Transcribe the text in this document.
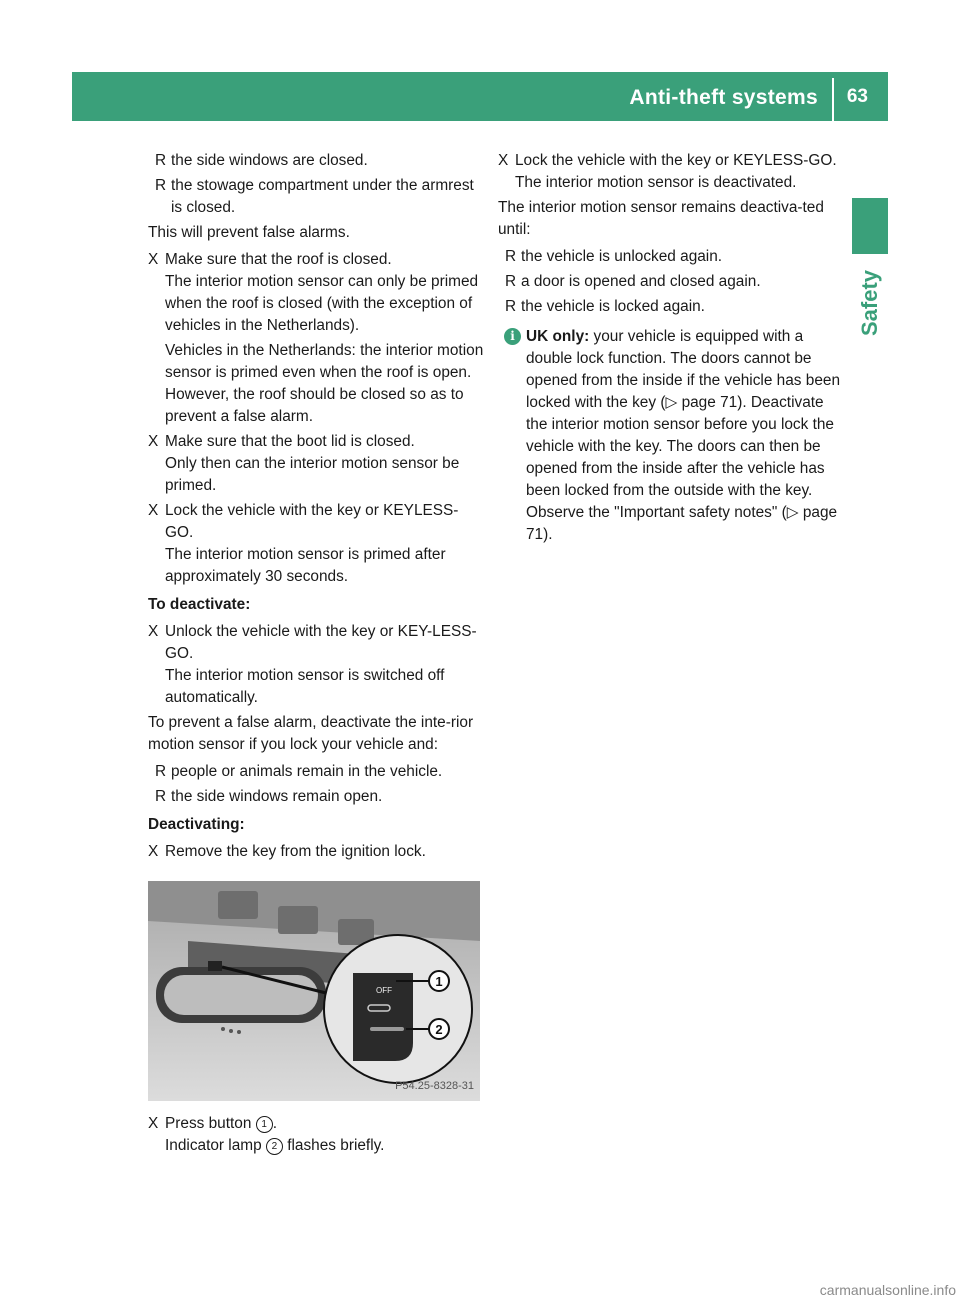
Anti-theft systems 63
Safety
R the side windows are closed.
R the stowage compartment under the armrest is closed.
This will prevent false alarms.
X Make sure that the roof is closed.
The interior motion sensor can only be primed when the roof is closed (with the exception of vehicles in the Netherlands).
Vehicles in the Netherlands: the interior motion sensor is primed even when the roof is open. However, the roof should be closed so as to prevent a false alarm.
X Make sure that the boot lid is closed.
Only then can the interior motion sensor be primed.
X Lock the vehicle with the key or KEYLESS-GO.
The interior motion sensor is primed after approximately 30 seconds.
To deactivate:
X Unlock the vehicle with the key or KEY-LESS-GO.
The interior motion sensor is switched off automatically.
To prevent a false alarm, deactivate the inte-rior motion sensor if you lock your vehicle and:
R people or animals remain in the vehicle.
R the side windows remain open.
Deactivating:
X Remove the key from the ignition lock.
OFF
1
2
P54.25-8328-31
X Press button 1 .
Indicator lamp 2 flashes briefly.
X Lock the vehicle with the key or KEYLESS-GO.
The interior motion sensor is deactivated.
The interior motion sensor remains deactiva-ted until:
R the vehicle is unlocked again.
R a door is opened and closed again.
R the vehicle is locked again.
i UK only: your vehicle is equipped with a double lock function. The doors cannot be opened from the inside if the vehicle has been locked with the key (▷ page 71). Deactivate the interior motion sensor before you lock the vehicle with the key. The doors can then be opened from the inside after the vehicle has been locked from the outside with the key. Observe the "Important safety notes" (▷ page 71).
carmanualsonline.info
